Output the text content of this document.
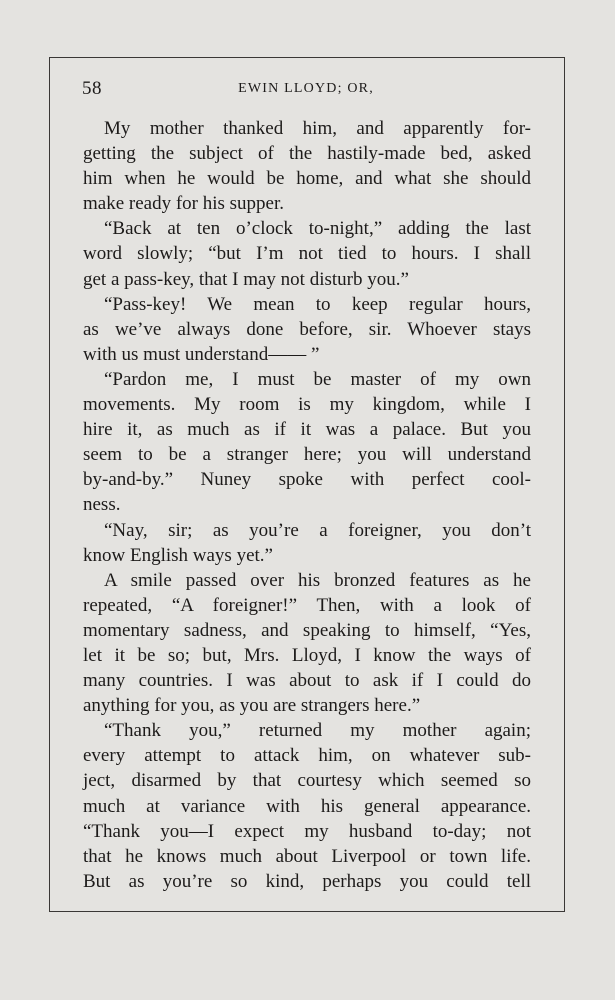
58	EWIN LLOYD; OR,
My mother thanked him, and apparently for-
getting the subject of the hastily-made bed, asked
him when he would be home, and what she should
make ready for his supper.
“Back at ten o’clock to-night,” adding the last
word slowly; “but I’m not tied to hours. I shall
get a pass-key, that I may not disturb you.”
“Pass-key! We mean to keep regular hours,
as we’ve always done before, sir. Whoever stays
with us must understand—— ”
“Pardon me, I must be master of my own
movements. My room is my kingdom, while I
hire it, as much as if it was a palace. But you
seem to be a stranger here; you will understand
by-and-by.” Nuney spoke with perfect cool-
ness.
“Nay, sir; as you’re a foreigner, you don’t
know English ways yet.”
A smile passed over his bronzed features as he
repeated, “A foreigner!” Then, with a look of
momentary sadness, and speaking to himself, “Yes,
let it be so; but, Mrs. Lloyd, I know the ways of
many countries. I was about to ask if I could do
anything for you, as you are strangers here.”
“Thank you,” returned my mother again;
every attempt to attack him, on whatever sub-
ject, disarmed by that courtesy which seemed so
much at variance with his general appearance.
“Thank you—I expect my husband to-day; not
that he knows much about Liverpool or town life.
But as you’re so kind, perhaps you could tell
